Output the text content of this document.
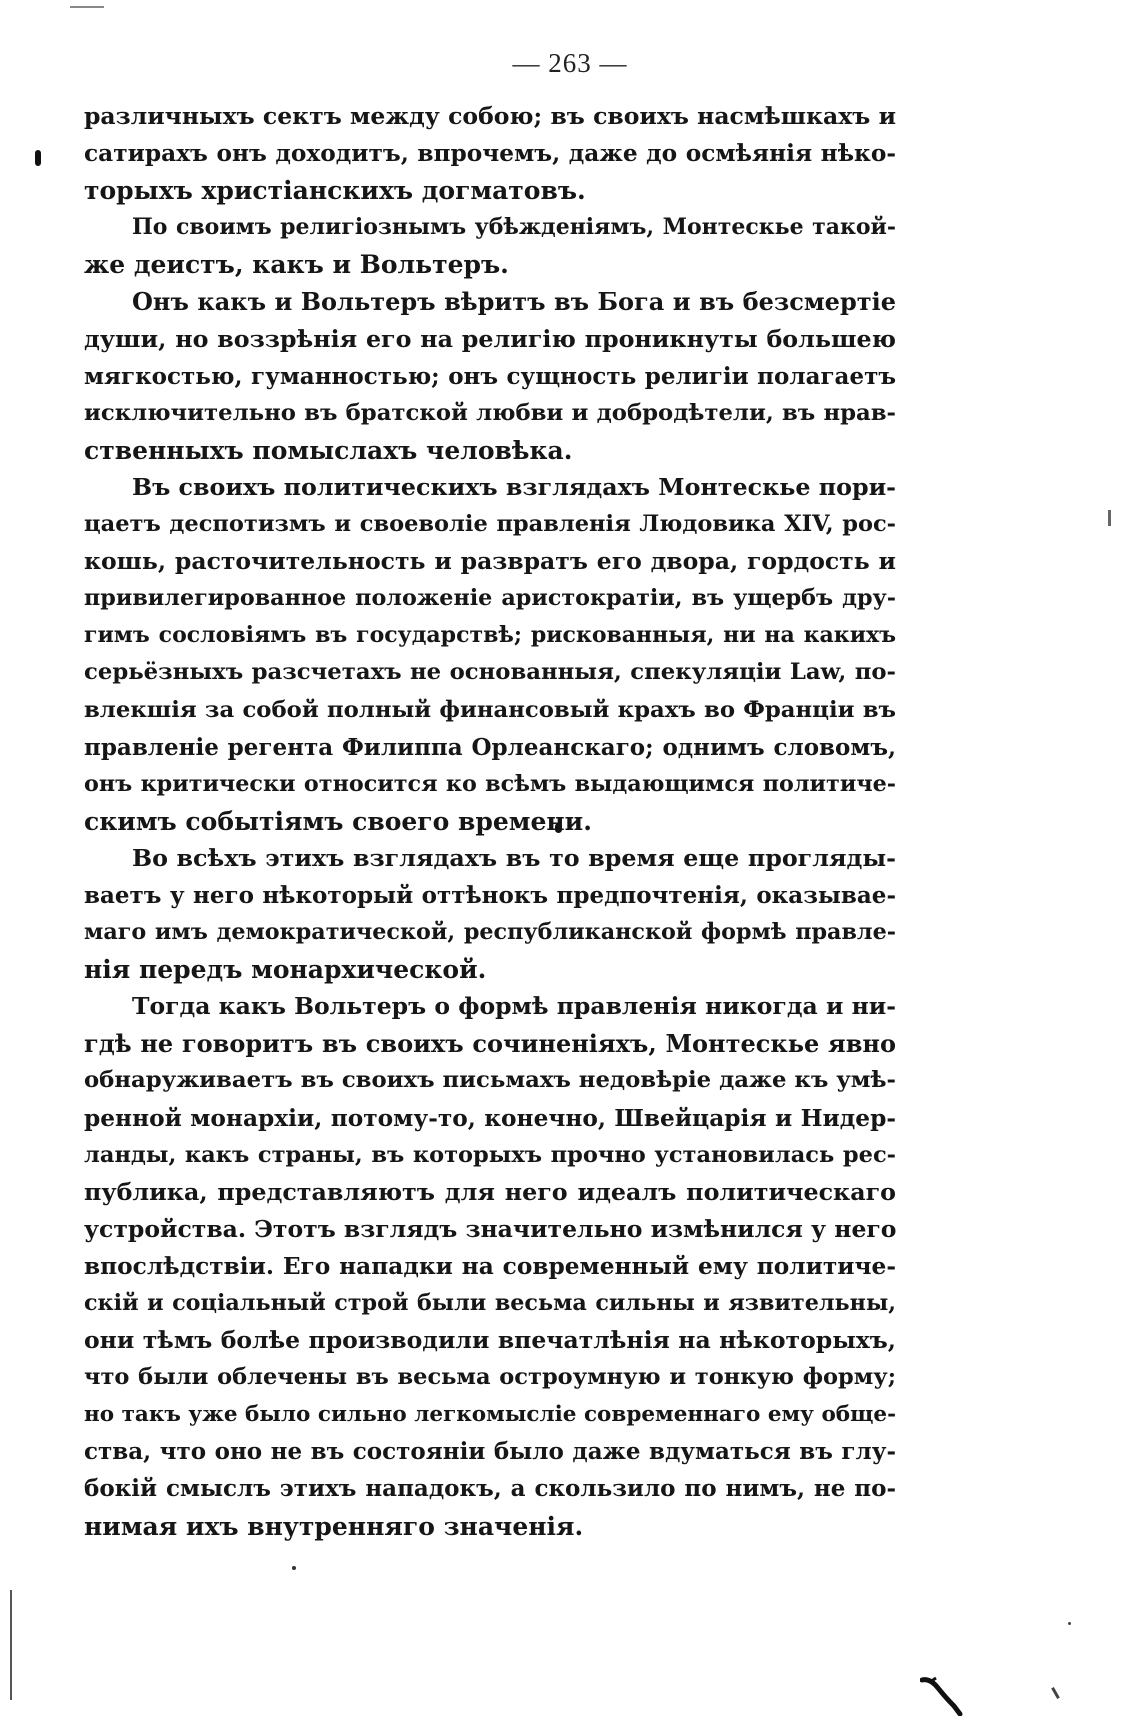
— 263 —

различныхъ сектъ между собою; въ своихъ насмѣшкахъ и
сатирахъ онъ доходитъ, впрочемъ, даже до осмѣянія нѣко-
торыхъ христіанскихъ догматовъ.

По своимъ религіознымъ убѣжденіямъ, Монтескье такой-
же деистъ, какъ и Вольтеръ.

Онъ какъ и Вольтеръ вѣритъ въ Бога и въ безсмертіе
души, но воззрѣнія его на религію проникнуты большею
мягкостью, гуманностью; онъ сущность религіи полагаетъ
исключительно въ братской любви и добродѣтели, въ нрав-
ственныхъ помыслахъ человѣка.

Въ своихъ политическихъ взглядахъ Монтескье пори-
цаетъ деспотизмъ и своеволіе правленія Людовика XIV, рос-
кошь, расточительность и развратъ его двора, гордость и
привилегированное положеніе аристократіи, въ ущербъ дру-
гимъ сословіямъ въ государствѣ; рискованныя, ни на какихъ
серьёзныхъ разсчетахъ не основанныя, спекуляціи Law, по-
влекшія за собой полный финансовый крахъ во Франціи въ
правленіе регента Филиппа Орлеанскаго; однимъ словомъ,
онъ критически относится ко всѣмъ выдающимся политиче-
скимъ событіямъ своего времени.

Во всѣхъ этихъ взглядахъ въ то время еще прогляды-
ваетъ у него нѣкоторый оттѣнокъ предпочтенія, оказывае-
маго имъ демократической, республиканской формѣ правле-
нія передъ монархической.

Тогда какъ Вольтеръ о формѣ правленія никогда и ни-
гдѣ не говоритъ въ своихъ сочиненіяхъ, Монтескье явно
обнаруживаетъ въ своихъ письмахъ недовѣріе даже къ умѣ-
ренной монархіи, потому-то, конечно, Швейцарія и Нидер-
ланды, какъ страны, въ которыхъ прочно установилась рес-
публика, представляютъ для него идеалъ политическаго
устройства. Этотъ взглядъ значительно измѣнился у него
впослѣдствіи. Его нападки на современный ему политиче-
скій и соціальный строй были весьма сильны и язвительны,
они тѣмъ болѣе производили впечатлѣнія на нѣкоторыхъ,
что были облечены въ весьма остроумную и тонкую форму;
но такъ уже было сильно легкомысліе современнаго ему обще-
ства, что оно не въ состояніи было даже вдуматься въ глу-
бокій смыслъ этихъ нападокъ, а скользило по нимъ, не по-
нимая ихъ внутренняго значенія.
